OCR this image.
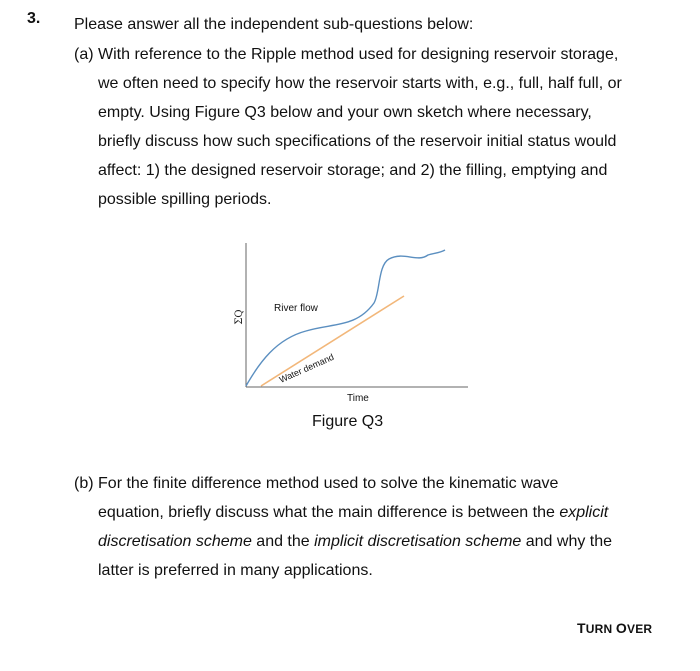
3. Please answer all the independent sub-questions below:
(a) With reference to the Ripple method used for designing reservoir storage,
we often need to specify how the reservoir starts with, e.g., full, half full, or
empty. Using Figure Q3 below and your own sketch where necessary,
briefly discuss how such specifications of the reservoir initial status would
affect: 1) the designed reservoir storage; and 2) the filling, emptying and
possible spilling periods.
ΣQ
River flow
Water demand
Time
Figure Q3
(b) For the finite difference method used to solve the kinematic wave
equation, briefly discuss what the main difference is between the explicit
discretisation scheme and the implicit discretisation scheme and why the
latter is preferred in many applications.
TURN OVER
